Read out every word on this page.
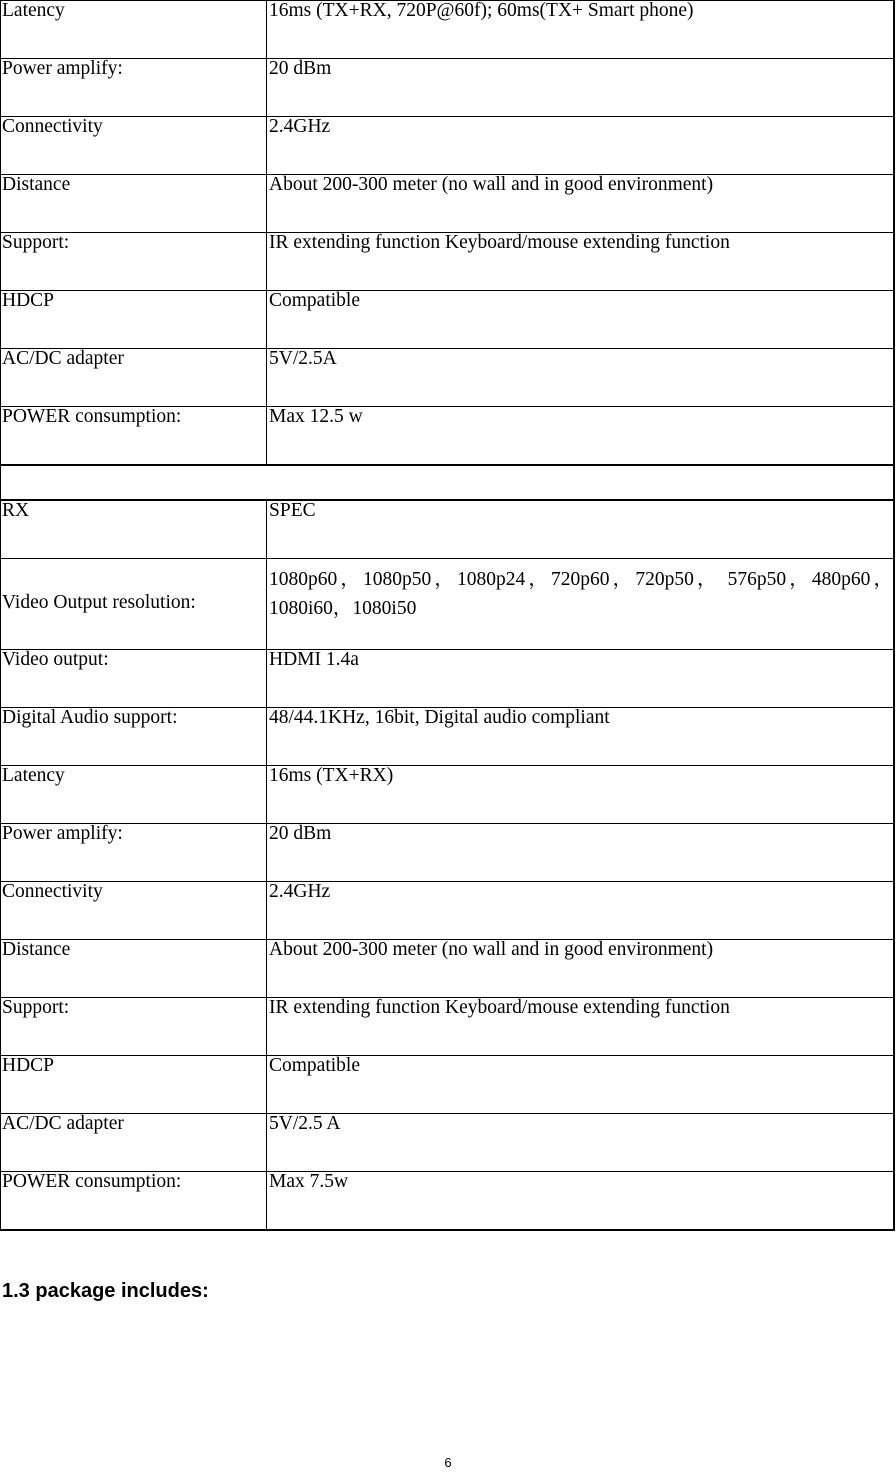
Latency	16ms (TX+RX, 720P@60f); 60ms(TX+ Smart phone)

Power amplify:	20 dBm

Connectivity	2.4GHz

Distance	About 200-300 meter (no wall and in good environment)

Support:	IR extending function Keyboard/mouse extending function

HDCP	Compatible

AC/DC adapter	5V/2.5A

POWER consumption:	Max 12.5 w

RX	SPEC

Video Output resolution:	1080p60，1080p50，1080p24，720p60，720p50， 576p50，480p60，1080i60，1080i50

Video output:	HDMI 1.4a

Digital Audio support:	48/44.1KHz, 16bit, Digital audio compliant

Latency	16ms (TX+RX)

Power amplify:	20 dBm

Connectivity	2.4GHz

Distance	About 200-300 meter (no wall and in good environment)

Support:	IR extending function Keyboard/mouse extending function

HDCP	Compatible

AC/DC adapter	5V/2.5 A

POWER consumption:	Max 7.5w
1.3 package includes:
6
